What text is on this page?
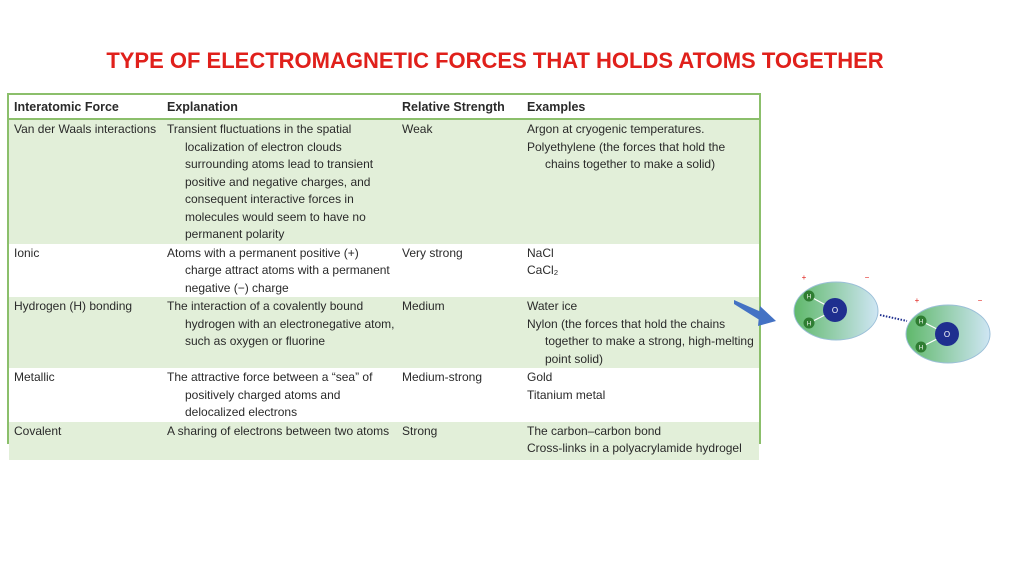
TYPE OF ELECTROMAGNETIC FORCES THAT HOLDS ATOMS TOGETHER
Interatomic Force	Explanation	Relative Strength	Examples
Van der Waals interactions	Transient fluctuations in the spatial localization of electron clouds surrounding atoms lead to transient positive and negative charges, and consequent interactive forces in molecules would seem to have no permanent polarity	Weak	Argon at cryogenic temperatures.
Polyethylene (the forces that hold the chains together to make a solid)

Ionic	Atoms with a permanent positive (+) charge attract atoms with a permanent negative (−) charge	Very strong	NaCl
CaCl₂

Hydrogen (H) bonding	The interaction of a covalently bound hydrogen with an electronegative atom, such as oxygen or fluorine	Medium	Water ice
Nylon (the forces that hold the chains together to make a strong, high-melting point solid)

Metallic	The attractive force between a “sea” of positively charged atoms and delocalized electrons	Medium-strong	Gold
Titanium metal

Covalent	A sharing of electrons between two atoms	Strong	The carbon–carbon bond
Cross-links in a polyacrylamide hydrogel
H
H
O
+	−
H
H
O
+	−
